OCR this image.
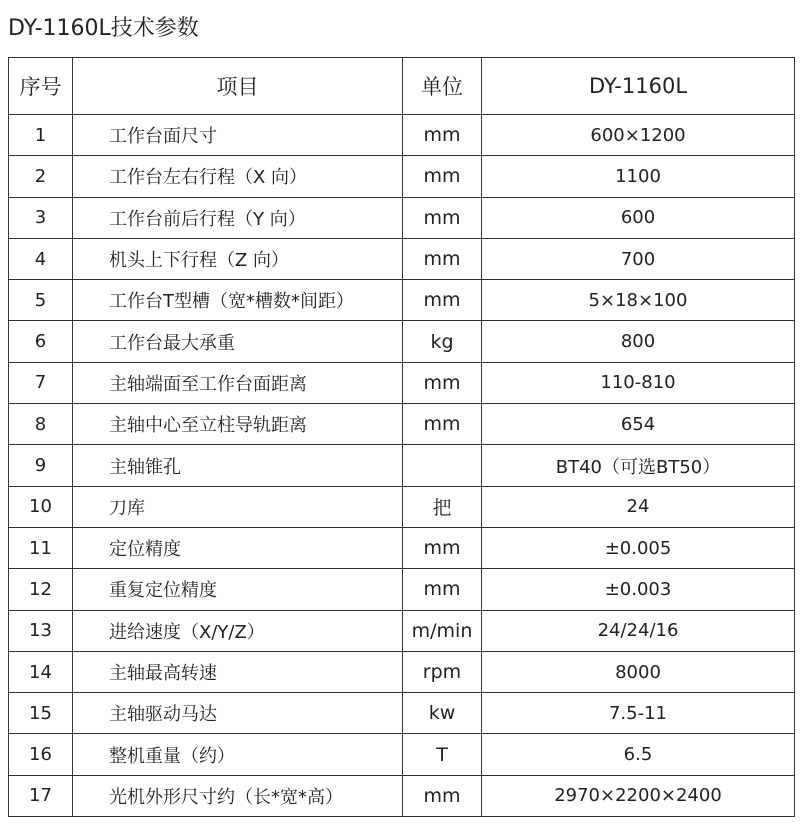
DY-1160L技术参数
序号	项目	单位	DY-1160L
1	工作台面尺寸	mm	600×1200
2	工作台左右行程（X 向）	mm	1100
3	工作台前后行程（Y 向）	mm	600
4	机头上下行程（Z 向）	mm	700
5	工作台T型槽（宽*槽数*间距）	mm	5×18×100
6	工作台最大承重	kg	800
7	主轴端面至工作台面距离	mm	110-810
8	主轴中心至立柱导轨距离	mm	654
9	主轴锥孔		BT40（可选BT50）
10	刀库	把	24
11	定位精度	mm	±0.005
12	重复定位精度	mm	±0.003
13	进给速度（X/Y/Z）	m/min	24/24/16
14	主轴最高转速	rpm	8000
15	主轴驱动马达	kw	7.5-11
16	整机重量（约）	T	6.5
17	光机外形尺寸约（长*宽*高）	mm	2970×2200×2400
